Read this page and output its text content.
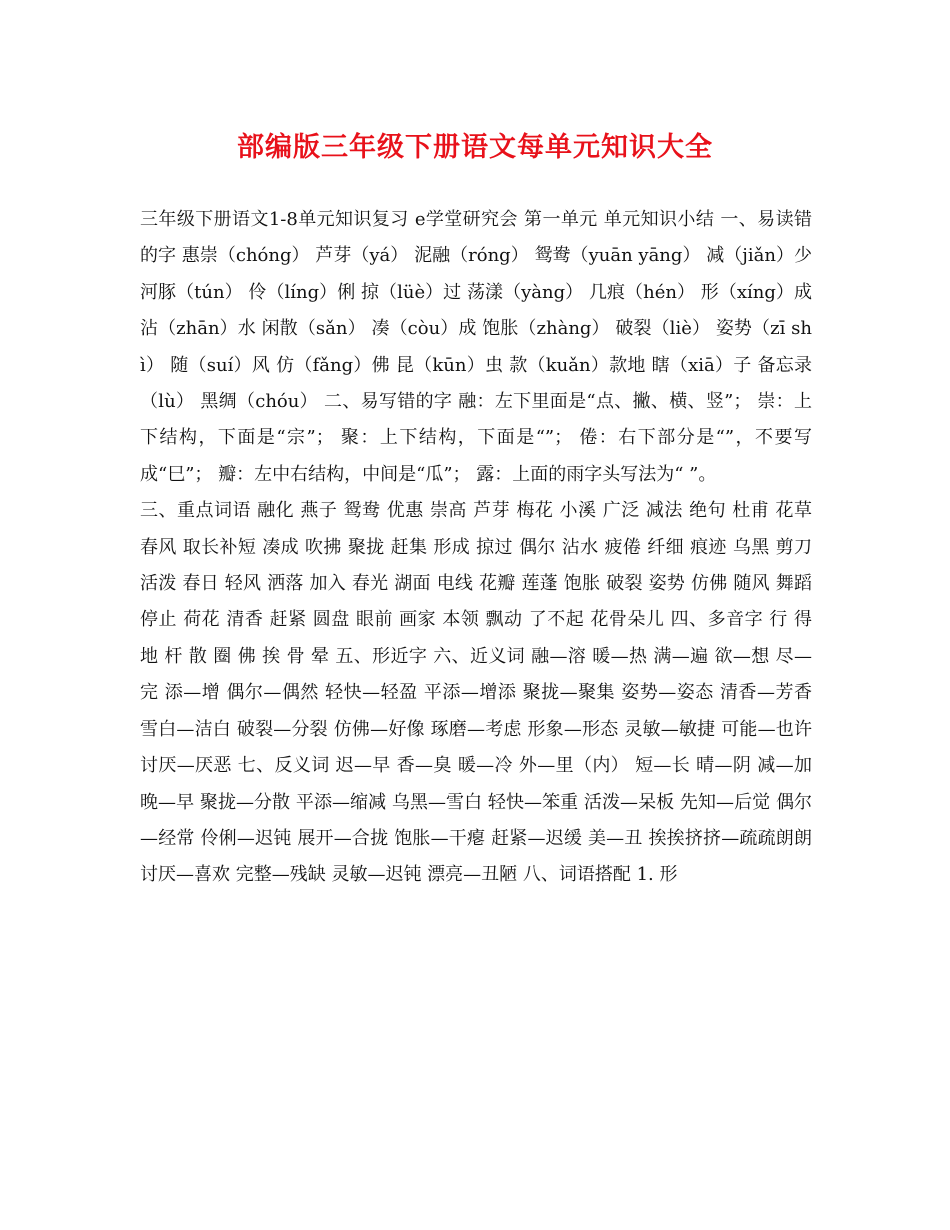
部编版三年级下册语文每单元知识大全

三年级下册语文1-8单元知识复习 e学堂研究会 第一单元 单元知识小结 一、易读错的字 惠崇（chóng） 芦芽（yá） 泥融（róng） 鸳鸯（yuān yāng） 减（jiǎn）少 河豚（tún） 伶（líng）俐 掠（lüè）过 荡漾（yàng） 几痕（hén） 形（xíng）成 沾（zhān）水 闲散（sǎn） 凑（còu）成 饱胀（zhàng） 破裂（liè） 姿势（zī shì） 随（suí）风 仿（fǎng）佛 昆（kūn）虫 款（kuǎn）款地 瞎（xiā）子 备忘录（lù） 黑绸（chóu） 二、易写错的字 融：左下里面是“点、撇、横、竖”； 崇：上下结构，下面是“宗”； 聚：上下结构，下面是“”； 倦：右下部分是“”，不要写成“巳”； 瓣：左中右结构，中间是“瓜”； 露：上面的雨字头写法为“ ”。

三、重点词语 融化 燕子 鸳鸯 优惠 崇高 芦芽 梅花 小溪 广泛 减法 绝句 杜甫 花草 春风 取长补短 凑成 吹拂 聚拢 赶集 形成 掠过 偶尔 沾水 疲倦 纤细 痕迹 乌黑 剪刀 活泼 春日 轻风 洒落 加入 春光 湖面 电线 花瓣 莲蓬 饱胀 破裂 姿势 仿佛 随风 舞蹈 停止 荷花 清香 赶紧 圆盘 眼前 画家 本领 飘动 了不起 花骨朵儿 四、多音字 行 得 地 杆 散 圈 佛 挨 骨 晕 五、形近字 六、近义词 融—溶 暖—热 满—遍 欲—想 尽—完 添—增 偶尔—偶然 轻快—轻盈 平添—增添 聚拢—聚集 姿势—姿态 清香—芳香 雪白—洁白 破裂—分裂 仿佛—好像 琢磨—考虑 形象—形态 灵敏—敏捷 可能—也许 讨厌—厌恶 七、反义词 迟—早 香—臭 暖—冷 外—里（内） 短—长 晴—阴 减—加 晚—早 聚拢—分散 平添—缩减 乌黑—雪白 轻快—笨重 活泼—呆板 先知—后觉 偶尔—经常 伶俐—迟钝 展开—合拢 饱胀—干瘪 赶紧—迟缓 美—丑 挨挨挤挤—疏疏朗朗 讨厌—喜欢 完整—残缺 灵敏—迟钝 漂亮—丑陋 八、词语搭配 1. 形
